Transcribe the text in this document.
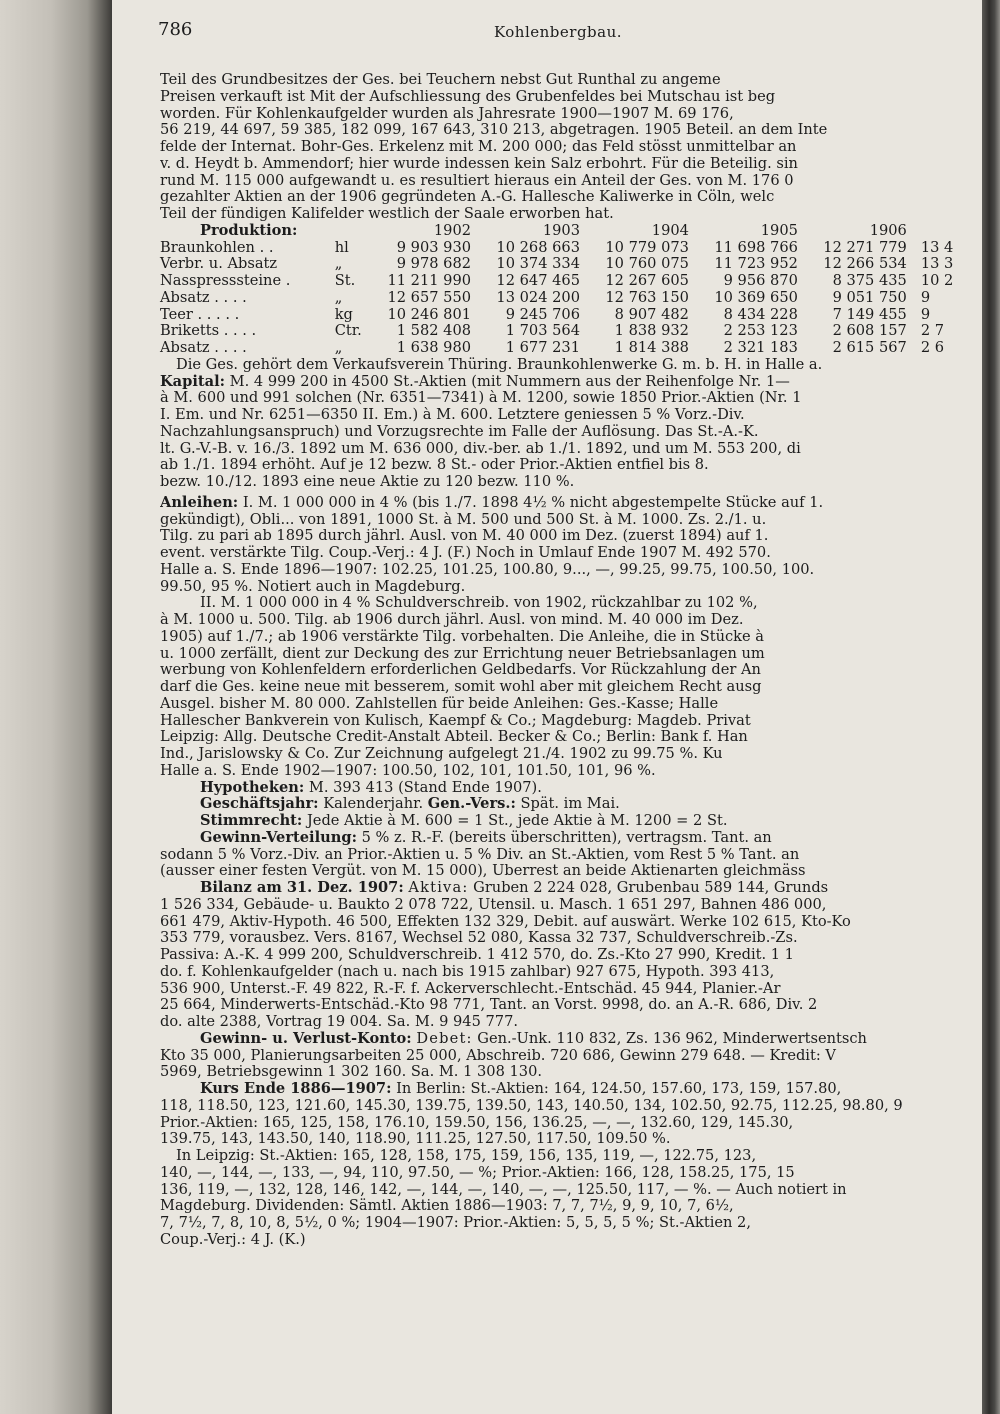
786	Kohlenbergbau.
Teil des Grundbesitzes der Ges. bei Teuchern nebst Gut Runthal zu angeme
Preisen verkauft ist Mit der Aufschliessung des Grubenfeldes bei Mutschau ist beg
worden. Für Kohlenkaufgelder wurden als Jahresrate 1900—1907 M. 69 176,
56 219, 44 697, 59 385, 182 099, 167 643, 310 213, abgetragen. 1905 Beteil. an dem Inte
felde der Internat. Bohr-Ges. Erkelenz mit M. 200 000; das Feld stösst unmittelbar an
v. d. Heydt b. Ammendorf; hier wurde indessen kein Salz erbohrt. Für die Beteilig. sin
rund M. 115 000 aufgewandt u. es resultiert hieraus ein Anteil der Ges. von M. 176 0
gezahlter Aktien an der 1906 gegründeten A.-G. Hallesche Kaliwerke in Cöln, welc
Teil der fündigen Kalifelder westlich der Saale erworben hat.
Produktion:		1902	1903	1904	1905	1906	
Braunkohlen . .	hl	9 903 930	10 268 663	10 779 073	11 698 766	12 271 779	13 4
Verbr. u. Absatz	„	9 978 682	10 374 334	10 760 075	11 723 952	12 266 534	13 3
Nasspresssteine .	St.	11 211 990	12 647 465	12 267 605	9 956 870	8 375 435	10 2
Absatz . . . .	„	12 657 550	13 024 200	12 763 150	10 369 650	9 051 750	9
Teer . . . . .	kg	10 246 801	9 245 706	8 907 482	8 434 228	7 149 455	9
Briketts . . . .	Ctr.	1 582 408	1 703 564	1 838 932	2 253 123	2 608 157	2 7
Absatz . . . .	„	1 638 980	1 677 231	1 814 388	2 321 183	2 615 567	2 6
Die Ges. gehört dem Verkaufsverein Thüring. Braunkohlenwerke G. m. b. H. in Halle a.
Kapital: M. 4 999 200 in 4500 St.-Aktien (mit Nummern aus der Reihenfolge Nr. 1—
à M. 600 und 991 solchen (Nr. 6351—7341) à M. 1200, sowie 1850 Prior.-Aktien (Nr. 1
I. Em. und Nr. 6251—6350 II. Em.) à M. 600. Letztere geniessen 5 % Vorz.-Div.
Nachzahlungsanspruch) und Vorzugsrechte im Falle der Auflösung. Das St.-A.-K.
lt. G.-V.-B. v. 16./3. 1892 um M. 636 000, div.-ber. ab 1./1. 1892, und um M. 553 200, di
ab 1./1. 1894 erhöht. Auf je 12 bezw. 8 St.- oder Prior.-Aktien entfiel bis 8.
bezw. 10./12. 1893 eine neue Aktie zu 120 bezw. 110 %.
Anleihen: I. M. 1 000 000 in 4 % (bis 1./7. 1898 4½ % nicht abgestempelte Stücke auf 1.
gekündigt), Obli... von 1891, 1000 St. à M. 500 und 500 St. à M. 1000. Zs. 2./1. u.
Tilg. zu pari ab 1895 durch jährl. Ausl. von M. 40 000 im Dez. (zuerst 1894) auf 1.
event. verstärkte Tilg. Coup.-Verj.: 4 J. (F.) Noch in Umlauf Ende 1907 M. 492 570.
Halle a. S. Ende 1896—1907: 102.25, 101.25, 100.80, 9..., —, 99.25, 99.75, 100.50, 100.
99.50, 95 %. Notiert auch in Magdeburg.
II. M. 1 000 000 in 4 % Schuldverschreib. von 1902, rückzahlbar zu 102 %,
à M. 1000 u. 500. Tilg. ab 1906 durch jährl. Ausl. von mind. M. 40 000 im Dez.
1905) auf 1./7.; ab 1906 verstärkte Tilg. vorbehalten. Die Anleihe, die in Stücke à
u. 1000 zerfällt, dient zur Deckung des zur Errichtung neuer Betriebsanlagen um
werbung von Kohlenfeldern erforderlichen Geldbedarfs. Vor Rückzahlung der An
darf die Ges. keine neue mit besserem, somit wohl aber mit gleichem Recht ausg
Ausgel. bisher M. 80 000. Zahlstellen für beide Anleihen: Ges.-Kasse; Halle
Hallescher Bankverein von Kulisch, Kaempf & Co.; Magdeburg: Magdeb. Privat
Leipzig: Allg. Deutsche Credit-Anstalt Abteil. Becker & Co.; Berlin: Bank f. Han
Ind., Jarislowsky & Co. Zur Zeichnung aufgelegt 21./4. 1902 zu 99.75 %. Ku
Halle a. S. Ende 1902—1907: 100.50, 102, 101, 101.50, 101, 96 %.
Hypotheken: M. 393 413 (Stand Ende 1907).
Geschäftsjahr: Kalenderjahr. Gen.-Vers.: Spät. im Mai.
Stimmrecht: Jede Aktie à M. 600 = 1 St., jede Aktie à M. 1200 = 2 St.
Gewinn-Verteilung: 5 % z. R.-F. (bereits überschritten), vertragsm. Tant. an
sodann 5 % Vorz.-Div. an Prior.-Aktien u. 5 % Div. an St.-Aktien, vom Rest 5 % Tant. an
(ausser einer festen Vergüt. von M. 15 000), Überrest an beide Aktienarten gleichmäss
Bilanz am 31. Dez. 1907: Aktiva: Gruben 2 224 028, Grubenbau 589 144, Grunds
1 526 334, Gebäude- u. Baukto 2 078 722, Utensil. u. Masch. 1 651 297, Bahnen 486 000,
661 479, Aktiv-Hypoth. 46 500, Effekten 132 329, Debit. auf auswärt. Werke 102 615, Kto-Ko
353 779, vorausbez. Vers. 8167, Wechsel 52 080, Kassa 32 737, Schuldverschreib.-Zs.
Passiva: A.-K. 4 999 200, Schuldverschreib. 1 412 570, do. Zs.-Kto 27 990, Kredit. 1 1
do. f. Kohlenkaufgelder (nach u. nach bis 1915 zahlbar) 927 675, Hypoth. 393 413,
536 900, Unterst.-F. 49 822, R.-F. f. Ackerverschlecht.-Entschäd. 45 944, Planier.-Ar
25 664, Minderwerts-Entschäd.-Kto 98 771, Tant. an Vorst. 9998, do. an A.-R. 686, Div. 2
do. alte 2388, Vortrag 19 004. Sa. M. 9 945 777.
Gewinn- u. Verlust-Konto: Debet: Gen.-Unk. 110 832, Zs. 136 962, Minderwertsentsch
Kto 35 000, Planierungsarbeiten 25 000, Abschreib. 720 686, Gewinn 279 648. — Kredit: V
5969, Betriebsgewinn 1 302 160. Sa. M. 1 308 130.
Kurs Ende 1886—1907: In Berlin: St.-Aktien: 164, 124.50, 157.60, 173, 159, 157.80,
118, 118.50, 123, 121.60, 145.30, 139.75, 139.50, 143, 140.50, 134, 102.50, 92.75, 112.25, 98.80, 9
Prior.-Aktien: 165, 125, 158, 176.10, 159.50, 156, 136.25, —, —, 132.60, 129, 145.30,
139.75, 143, 143.50, 140, 118.90, 111.25, 127.50, 117.50, 109.50 %.
In Leipzig: St.-Aktien: 165, 128, 158, 175, 159, 156, 135, 119, —, 122.75, 123,
140, —, 144, —, 133, —, 94, 110, 97.50, — %; Prior.-Aktien: 166, 128, 158.25, 175, 15
136, 119, —, 132, 128, 146, 142, —, 144, —, 140, —, —, 125.50, 117, — %. — Auch notiert in
Magdeburg. Dividenden: Sämtl. Aktien 1886—1903: 7, 7, 7½, 9, 9, 10, 7, 6½,
7, 7½, 7, 8, 10, 8, 5½, 0 %; 1904—1907: Prior.-Aktien: 5, 5, 5, 5 %; St.-Aktien 2,
Coup.-Verj.: 4 J. (K.)
